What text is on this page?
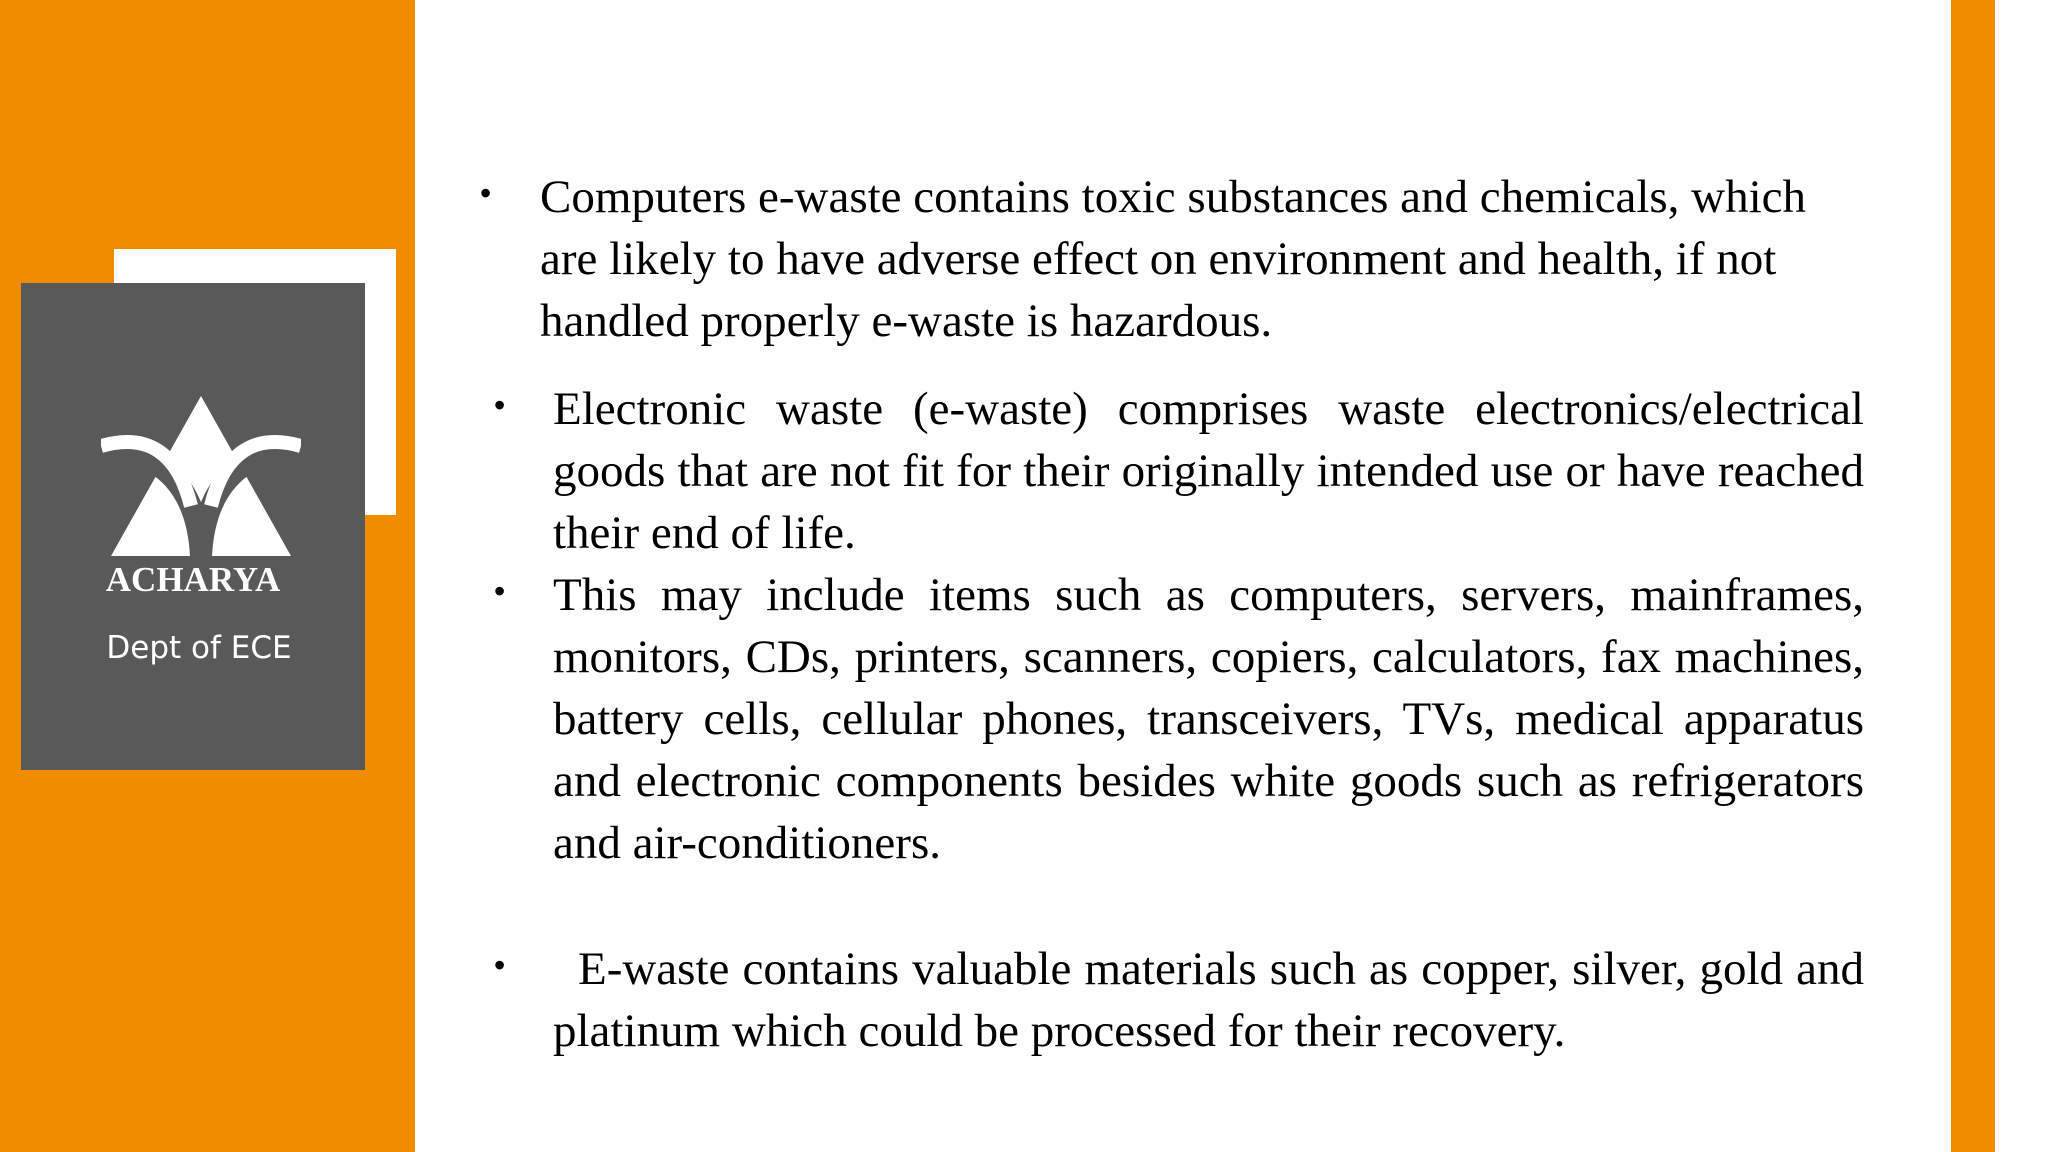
ACHARYA
Dept of ECE
• Computers e-waste contains toxic substances and chemicals, which are likely to have adverse effect on environment and health, if not handled properly e-waste is hazardous.
• Electronic waste (e-waste) comprises waste electronics/electrical goods that are not fit for their originally intended use or have reached their end of life.
• This may include items such as computers, servers, mainframes, monitors, CDs, printers, scanners, copiers, calculators, fax machines, battery cells, cellular phones, transceivers, TVs, medical apparatus and electronic components besides white goods such as refrigerators and air-conditioners.
•	E-waste contains valuable materials such as copper, silver, gold and platinum which could be processed for their recovery.
